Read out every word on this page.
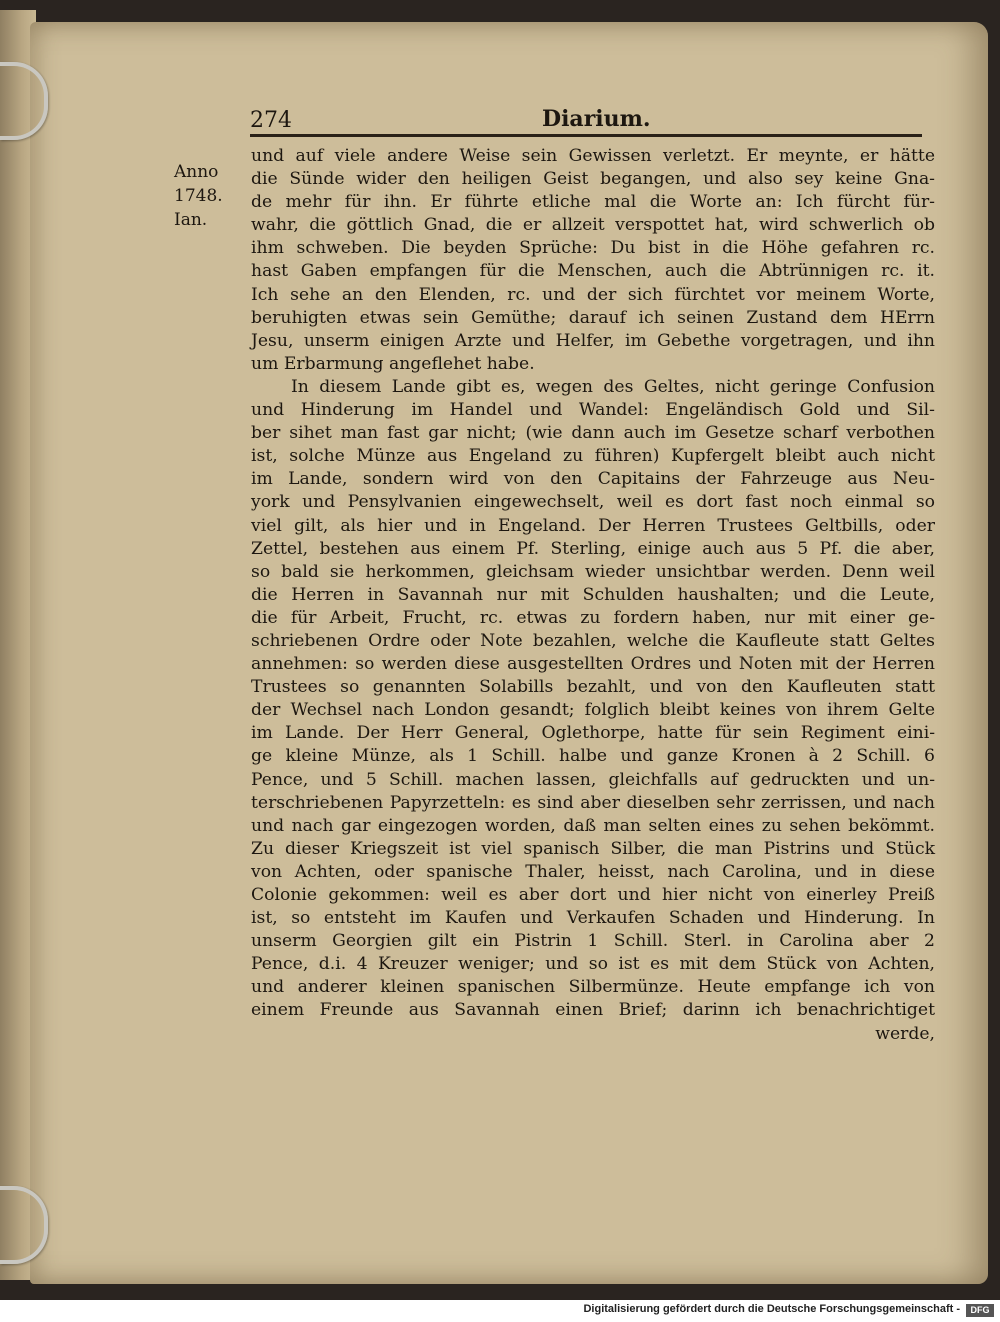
274	Diarium.
Anno
1748.
Ian.
und auf viele andere Weise sein Gewissen verletzt. Er meynte, er hätte
die Sünde wider den heiligen Geist begangen, und also sey keine Gna-
de mehr für ihn. Er führte etliche mal die Worte an: Ich fürcht für-
wahr, die göttlich Gnad, die er allzeit verspottet hat, wird schwerlich ob
ihm schweben. Die beyden Sprüche: Du bist in die Höhe gefahren rc.
hast Gaben empfangen für die Menschen, auch die Abtrünnigen rc. it.
Ich sehe an den Elenden, rc. und der sich fürchtet vor meinem Worte,
beruhigten etwas sein Gemüthe; darauf ich seinen Zustand dem HErrn
Jesu, unserm einigen Arzte und Helfer, im Gebethe vorgetragen, und ihn
um Erbarmung angeflehet habe.
In diesem Lande gibt es, wegen des Geltes, nicht geringe Confusion
und Hinderung im Handel und Wandel: Engeländisch Gold und Sil-
ber sihet man fast gar nicht; (wie dann auch im Gesetze scharf verbothen
ist, solche Münze aus Engeland zu führen) Kupfergelt bleibt auch nicht
im Lande, sondern wird von den Capitains der Fahrzeuge aus Neu-
york und Pensylvanien eingewechselt, weil es dort fast noch einmal so
viel gilt, als hier und in Engeland. Der Herren Trustees Geltbills, oder
Zettel, bestehen aus einem Pf. Sterling, einige auch aus 5 Pf. die aber,
so bald sie herkommen, gleichsam wieder unsichtbar werden. Denn weil
die Herren in Savannah nur mit Schulden haushalten; und die Leute,
die für Arbeit, Frucht, rc. etwas zu fordern haben, nur mit einer ge-
schriebenen Ordre oder Note bezahlen, welche die Kaufleute statt Geltes
annehmen: so werden diese ausgestellten Ordres und Noten mit der Herren
Trustees so genannten Solabills bezahlt, und von den Kaufleuten statt
der Wechsel nach London gesandt; folglich bleibt keines von ihrem Gelte
im Lande. Der Herr General, Oglethorpe, hatte für sein Regiment eini-
ge kleine Münze, als 1 Schill. halbe und ganze Kronen à 2 Schill. 6
Pence, und 5 Schill. machen lassen, gleichfalls auf gedruckten und un-
terschriebenen Papyrzetteln: es sind aber dieselben sehr zerrissen, und nach
und nach gar eingezogen worden, daß man selten eines zu sehen bekömmt.
Zu dieser Kriegszeit ist viel spanisch Silber, die man Pistrins und Stück
von Achten, oder spanische Thaler, heisst, nach Carolina, und in diese
Colonie gekommen: weil es aber dort und hier nicht von einerley Preiß
ist, so entsteht im Kaufen und Verkaufen Schaden und Hinderung. In
unserm Georgien gilt ein Pistrin 1 Schill. Sterl. in Carolina aber 2
Pence, d.i. 4 Kreuzer weniger; und so ist es mit dem Stück von Achten,
und anderer kleinen spanischen Silbermünze. Heute empfange ich von
einem Freunde aus Savannah einen Brief; darinn ich benachrichtiget
werde,
Digitalisierung gefördert durch die Deutsche Forschungsgemeinschaft -	DFG
